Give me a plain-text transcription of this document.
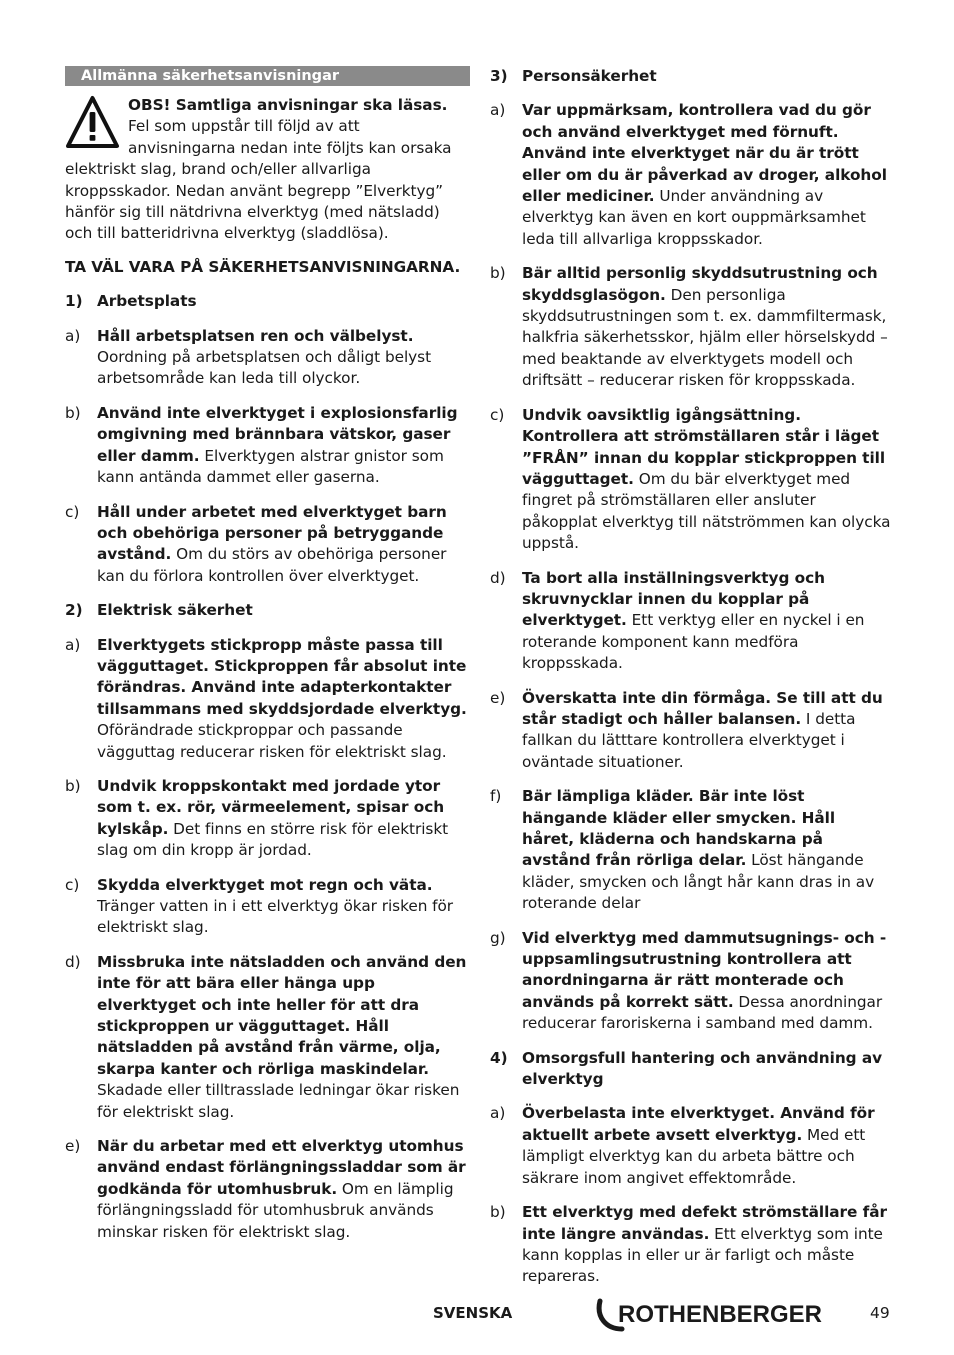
Allmänna säkerhetsanvisningar
OBS! Samtliga anvisningar ska läsas. Fel som uppstår till följd av att anvisningarna nedan inte följts kan orsaka elektriskt slag, brand och/eller allvarliga kroppsskador. Nedan använt begrepp ”Elverktyg” hänför sig till nätdrivna elverktyg (med nätsladd) och till batteridrivna elverktyg (sladdlösa).
TA VÄL VARA PÅ SÄKERHETSANVISNINGARNA.
1) Arbetsplats
a)	Håll arbetsplatsen ren och välbelyst. Oordning på arbetsplatsen och dåligt belyst arbetsområde kan leda till olyckor.
b)	Använd inte elverktyget i explosionsfarlig omgivning med brännbara vätskor, gaser eller damm. Elverktygen alstrar gnistor som kann antända dammet eller gaserna.
c)	Håll under arbetet med elverktyget barn och obehöriga personer på betryggande avstånd. Om du störs av obehöriga personer kan du förlora kontrollen över elverktyget.
2) Elektrisk säkerhet
a)	Elverktygets stickpropp måste passa till vägguttaget. Stickproppen får absolut inte förändras. Använd inte adapterkontakter tillsammans med skyddsjordade elverktyg. Oförändrade stickproppar och passande vägguttag reducerar risken för elektriskt slag.
b)	Undvik kroppskontakt med jordade ytor som t. ex. rör, värmeelement, spisar och kylskåp. Det finns en större risk för elektriskt slag om din kropp är jordad.
c)	Skydda elverktyget mot regn och väta. Tränger vatten in i ett elverktyg ökar risken för elektriskt slag.
d)	Missbruka inte nätsladden och använd den inte för att bära eller hänga upp elverktyget och inte heller för att dra stickproppen ur vägguttaget. Håll nätsladden på avstånd från värme, olja, skarpa kanter och rörliga maskindelar. Skadade eller tilltrasslade ledningar ökar risken för elektriskt slag.
e)	När du arbetar med ett elverktyg utomhus använd endast förlängningssladdar som är godkända för utomhusbruk. Om en lämplig förlängningssladd för utomhusbruk används minskar risken för elektriskt slag.
3) Personsäkerhet
a)	Var uppmärksam, kontrollera vad du gör och använd elverktyget med förnuft. Använd inte elverktyget när du är trött eller om du är påverkad av droger, alkohol eller mediciner. Under användning av elverktyg kan även en kort ouppmärksamhet leda till allvarliga kroppsskador.
b)	Bär alltid personlig skyddsutrustning och skyddsglasögon. Den personliga skyddsutrustningen som t. ex. dammfiltermask, halkfria säkerhetsskor, hjälm eller hörselskydd – med beaktande av elverktygets modell och driftsätt – reducerar risken för kroppsskada.
c)	Undvik oavsiktlig igångsättning. Kontrollera att strömställaren står i läget ”FRÅN” innan du kopplar stickproppen till vägguttaget. Om du bär elverktyget med fingret på strömställaren eller ansluter påkopplat elverktyg till nätströmmen kan olycka uppstå.
d)	Ta bort alla inställningsverktyg och skruvnycklar innen du kopplar på elverktyget. Ett verktyg eller en nyckel i en roterande komponent kann medföra kroppsskada.
e)	Överskatta inte din förmåga. Se till att du står stadigt och håller balansen. I detta fallkan du lätttare kontrollera elverktyget i oväntade situationer.
f)	Bär lämpliga kläder. Bär inte löst hängande kläder eller smycken. Håll håret, kläderna och handskarna på avstånd från rörliga delar. Löst hängande kläder, smycken och långt hår kann dras in av roterande delar
g)	Vid elverktyg med dammutsugnings- och -uppsamlingsutrustning kontrollera att anordningarna är rätt monterade och används på korrekt sätt. Dessa anordningar reducerar faroriskerna i samband med damm.
4) Omsorgsfull hantering och användning av elverktyg
a)	Överbelasta inte elverktyget. Använd för aktuellt arbete avsett elverktyg. Med ett lämpligt elverktyg kan du arbeta bättre och säkrare inom angivet effektområde.
b)	Ett elverktyg med defekt strömställare får inte längre användas. Ett elverktyg som inte kann kopplas in eller ur är farligt och måste repareras.
SVENSKA	ROTHENBERGER	49
